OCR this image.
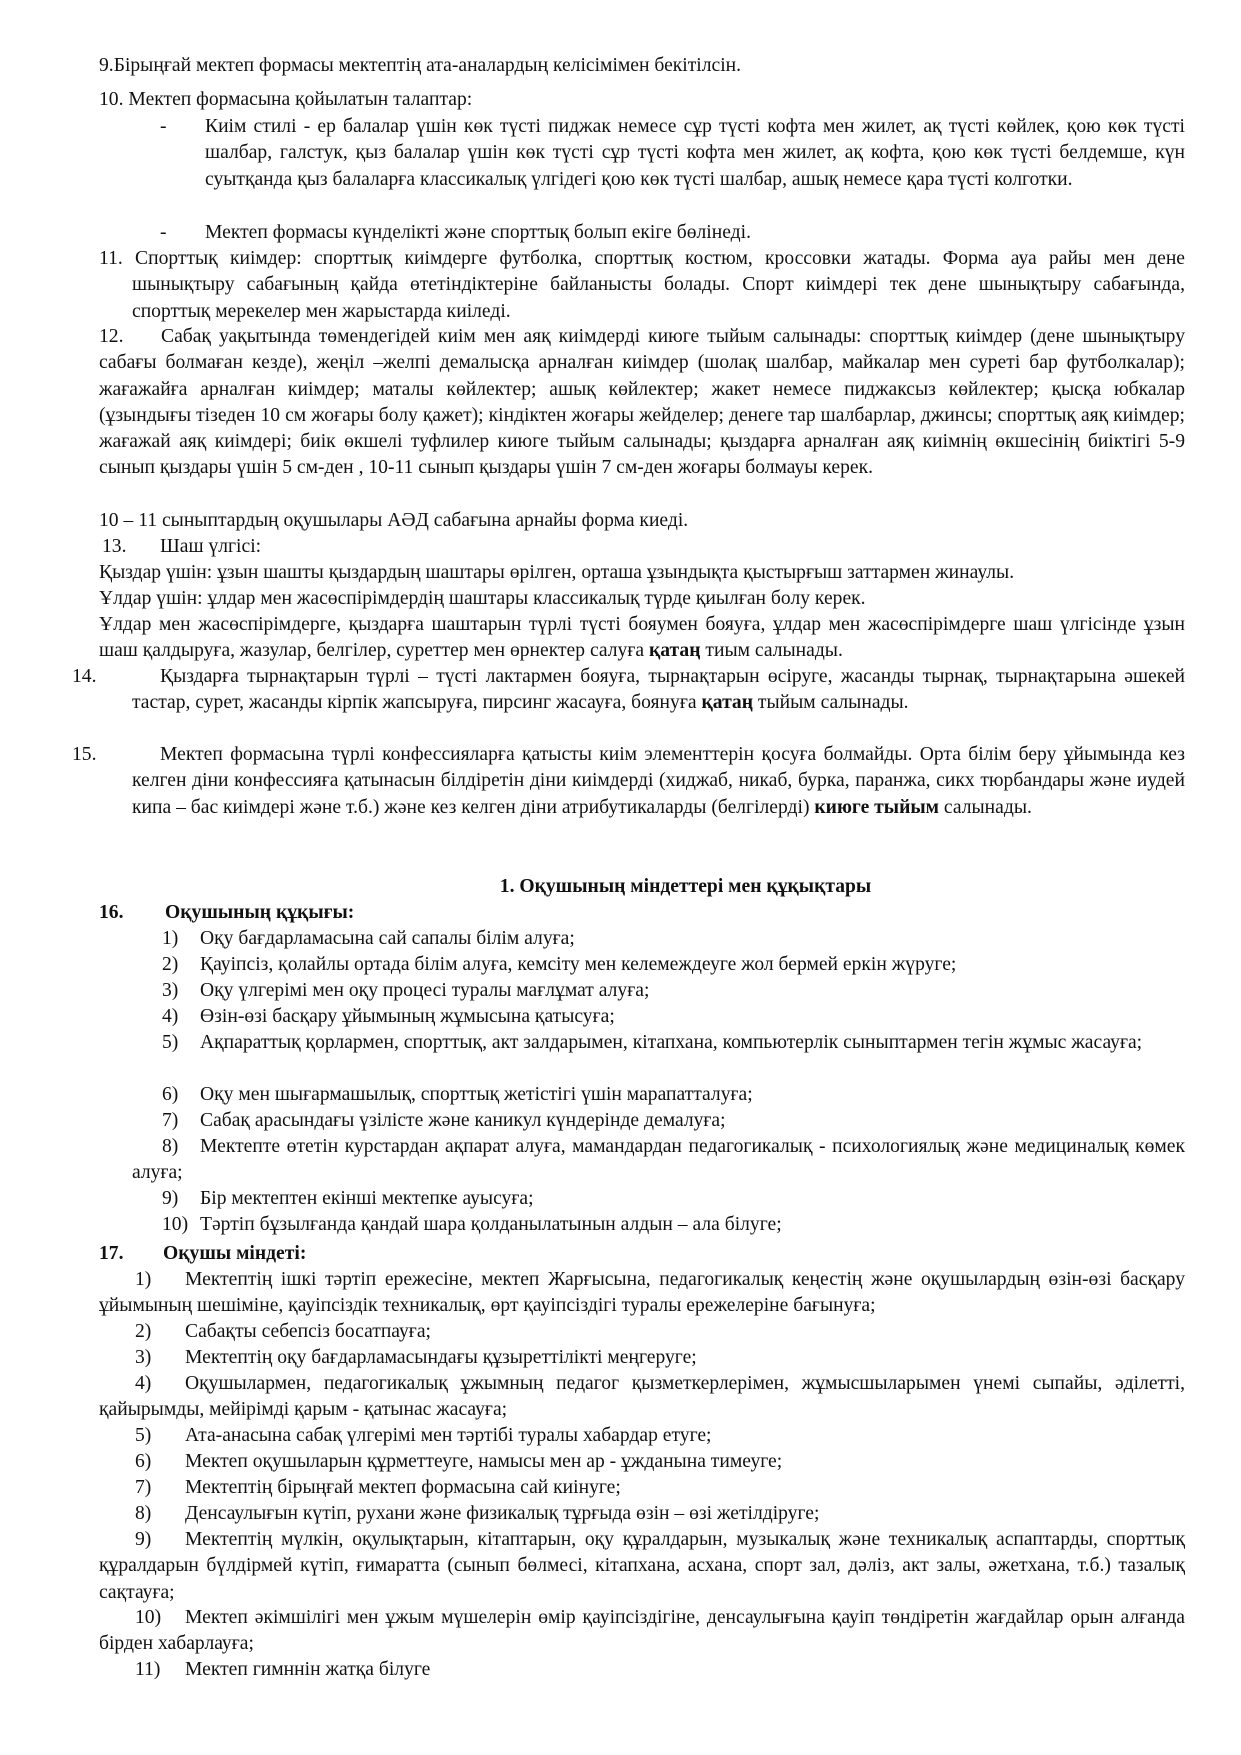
9.Бірыңғай мектеп формасы мектептің ата-аналардың келісімімен бекітілсін.

10. Мектеп формасына қойылатын талаптар:

- Киім стилі - ер балалар үшін көк түсті пиджак немесе сұр түсті кофта мен жилет, ақ түсті көйлек, қою көк түсті шалбар, галстук, қыз балалар үшін көк түсті сұр түсті кофта мен жилет, ақ кофта, қою көк түсті белдемше, күн суытқанда қыз балаларға классикалық үлгідегі қою көк түсті шалбар, ашық немесе қара түсті колготки.

- Мектеп формасы күнделікті және спорттық болып екіге бөлінеді.

11. Спорттық киімдер: спорттық киімдерге футболка, спорттық костюм, кроссовки жатады. Форма ауа райы мен дене шынықтыру сабағының қайда өтетіндіктеріне байланысты болады. Спорт киімдері тек дене шынықтыру сабағында, спорттық мерекелер мен жарыстарда киіледі.

12. Сабақ уақытында төмендегідей киім мен аяқ киімдерді киюге тыйым салынады: спорттық киімдер (дене шынықтыру сабағы болмаған кезде), жеңіл –желпі демалысқа арналған киімдер (шолақ шалбар, майкалар мен суреті бар футболкалар); жағажайға арналған киімдер; маталы көйлектер; ашық көйлектер; жакет немесе пиджаксыз көйлектер; қысқа юбкалар (ұзындығы тізеден 10 см жоғары болу қажет); кіндіктен жоғары жейделер; денеге тар шалбарлар, джинсы; спорттық аяқ киімдер; жағажай аяқ киімдері; биік өкшелі туфлилер киюге тыйым салынады; қыздарға арналған аяқ киімнің өкшесінің биіктігі 5-9 сынып қыздары үшін 5 см-ден , 10-11 сынып қыздары үшін 7 см-ден жоғары болмауы керек.

10 – 11 сыныптардың оқушылары АӘД сабағына арнайы форма киеді.

13. Шаш үлгісі:

Қыздар үшін: ұзын шашты қыздардың шаштары өрілген, орташа ұзындықта қыстырғыш заттармен жинаулы.

Ұлдар үшін: ұлдар мен жасөспірімдердің шаштары классикалық түрде қиылған болу керек.

Ұлдар мен жасөспірімдерге, қыздарға шаштарын түрлі түсті бояумен бояуға, ұлдар мен жасөспірімдерге шаш үлгісінде ұзын шаш қалдыруға, жазулар, белгілер, суреттер мен өрнектер салуға қатаң тиым салынады.

14.	Қыздарға тырнақтарын түрлі – түсті лактармен бояуға, тырнақтарын өсіруге, жасанды тырнақ, тырнақтарына әшекей тастар, сурет, жасанды кірпік жапсыруға, пирсинг жасауға, боянуға қатаң тыйым салынады.

15.	Мектеп формасына түрлі конфессияларға қатысты киім элементтерін қосуға болмайды. Орта білім беру ұйымында кез келген діни конфессияға қатынасын білдіретін діни киімдерді (хиджаб, никаб, бурка, паранжа, сикх тюрбандары және иудей кипа – бас киімдері және т.б.) және кез келген діни атрибутикаларды (белгілерді) киюге тыйым салынады.

1. Оқушының міндеттері мен құқықтары
16. Оқушының құқығы:

1) Оқу бағдарламасына сай сапалы білім алуға;

2) Қауіпсіз, қолайлы ортада білім алуға, кемсіту мен келемеждеуге жол бермей еркін жүруге;

3) Оқу үлгерімі мен оқу процесі туралы мағлұмат алуға;

4) Өзін-өзі басқару ұйымының жұмысына қатысуға;

5) Ақпараттық қорлармен, спорттық, акт залдарымен, кітапхана, компьютерлік сыныптармен тегін жұмыс жасауға;

6) Оқу мен шығармашылық, спорттық жетістігі үшін марапатталуға;

7) Сабақ арасындағы үзілісте және каникул күндерінде демалуға;

8) Мектепте өтетін курстардан ақпарат алуға, мамандардан педагогикалық - психологиялық және медициналық көмек алуға;

9) Бір мектептен екінші мектепке ауысуға;

10) Тәртіп бұзылғанда қандай шара қолданылатынын алдын – ала білуге;

17. Оқушы міндеті:

1) Мектептің ішкі тәртіп ережесіне, мектеп Жарғысына, педагогикалық кеңестің және оқушылардың өзін-өзі басқару ұйымының шешіміне, қауіпсіздік техникалық, өрт қауіпсіздігі туралы ережелеріне бағынуға;

2) Сабақты себепсіз босатпауға;

3) Мектептің оқу бағдарламасындағы құзыреттілікті меңгеруге;

4) Оқушылармен, педагогикалық ұжымның педагог қызметкерлерімен, жұмысшыларымен үнемі сыпайы, әділетті, қайырымды, мейірімді қарым - қатынас жасауға;

5) Ата-анасына сабақ үлгерімі мен тәртібі туралы хабардар етуге;

6) Мектеп оқушыларын құрметтеуге, намысы мен ар - ұжданына тимеуге;

7) Мектептің бірыңғай мектеп формасына сай киінуге;

8) Денсаулығын күтіп, рухани және физикалық тұрғыда өзін – өзі жетілдіруге;

9) Мектептің мүлкін, оқулықтарын, кітаптарын, оқу құралдарын, музыкалық және техникалық аспаптарды, спорттық құралдарын бүлдірмей күтіп, ғимаратта (сынып бөлмесі, кітапхана, асхана, спорт зал, дәліз, акт залы, әжетхана, т.б.) тазалық сақтауға;

10) Мектеп әкімшілігі мен ұжым мүшелерін өмір қауіпсіздігіне, денсаулығына қауіп төндіретін жағдайлар орын алғанда бірден хабарлауға;

11) Мектеп гимннін жатқа білуге
